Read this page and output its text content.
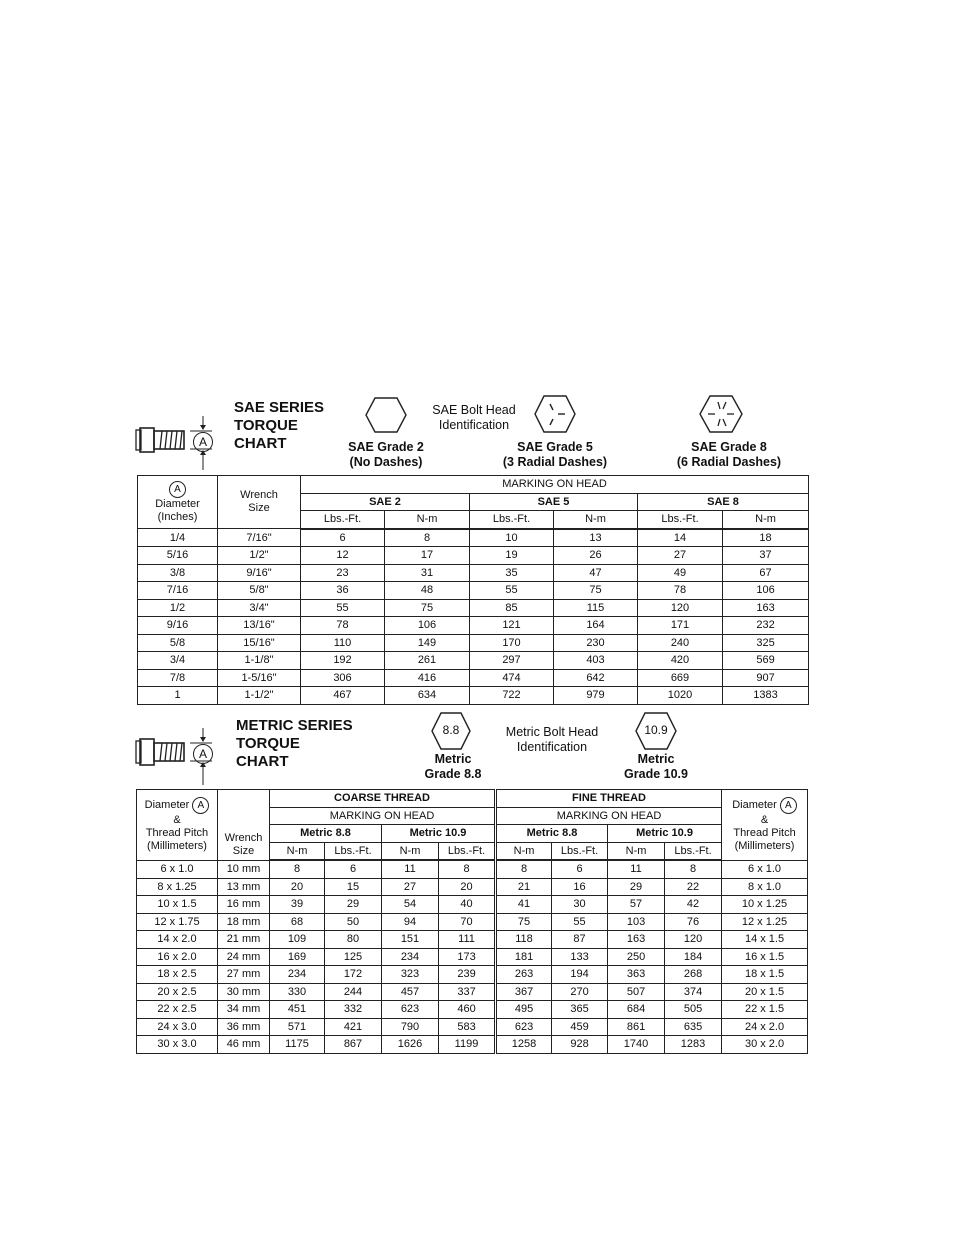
A
SAE SERIES
TORQUE
CHART	SAE Grade 2
(No Dashes)
SAE Bolt Head
Identification
SAE Grade 5
(3 Radial Dashes)
SAE Grade 8
(6 Radial Dashes)
A
Diameter
(Inches)	Wrench
Size	MARKING ON HEAD					
		SAE 2		SAE 5		SAE 8	
		Lbs.-Ft.	N-m	Lbs.-Ft.	N-m	Lbs.-Ft.	N-m
1/4	7/16"	6	8	10	13	14	18
5/16	1/2"	12	17	19	26	27	37
3/8	9/16"	23	31	35	47	49	67
7/16	5/8"	36	48	55	75	78	106
1/2	3/4"	55	75	85	115	120	163
9/16	13/16"	78	106	121	164	171	232
5/8	15/16"	110	149	170	230	240	325
3/4	1-1/8"	192	261	297	403	420	569
7/8	1-5/16"	306	416	474	642	669	907
1	1-1/2"	467	634	722	979	1020	1383
A
METRIC SERIES
TORQUE
CHART
8.8
Metric
Grade 8.8
Metric Bolt Head
Identification
10.9
Metric
Grade 10.9
Diameter A
&
Thread Pitch
(Millimeters)	Wrench
Size	COARSE THREAD				FINE THREAD				Diameter A
&
Thread Pitch
(Millimeters)
		MARKING ON HEAD				MARKING ON HEAD				
		Metric 8.8		Metric 10.9		Metric 8.8		Metric 10.9		
		N-m	Lbs.-Ft.	N-m	Lbs.-Ft.	N-m	Lbs.-Ft.	N-m	Lbs.-Ft.	
6 x 1.0	10 mm	8	6	11	8	8	6	11	8	6 x 1.0
8 x 1.25	13 mm	20	15	27	20	21	16	29	22	8 x 1.0
10 x 1.5	16 mm	39	29	54	40	41	30	57	42	10 x 1.25
12 x 1.75	18 mm	68	50	94	70	75	55	103	76	12 x 1.25
14 x 2.0	21 mm	109	80	151	111	118	87	163	120	14 x 1.5
16 x 2.0	24 mm	169	125	234	173	181	133	250	184	16 x 1.5
18 x 2.5	27 mm	234	172	323	239	263	194	363	268	18 x 1.5
20 x 2.5	30 mm	330	244	457	337	367	270	507	374	20 x 1.5
22 x 2.5	34 mm	451	332	623	460	495	365	684	505	22 x 1.5
24 x 3.0	36 mm	571	421	790	583	623	459	861	635	24 x 2.0
30 x 3.0	46 mm	1175	867	1626	1199	1258	928	1740	1283	30 x 2.0
